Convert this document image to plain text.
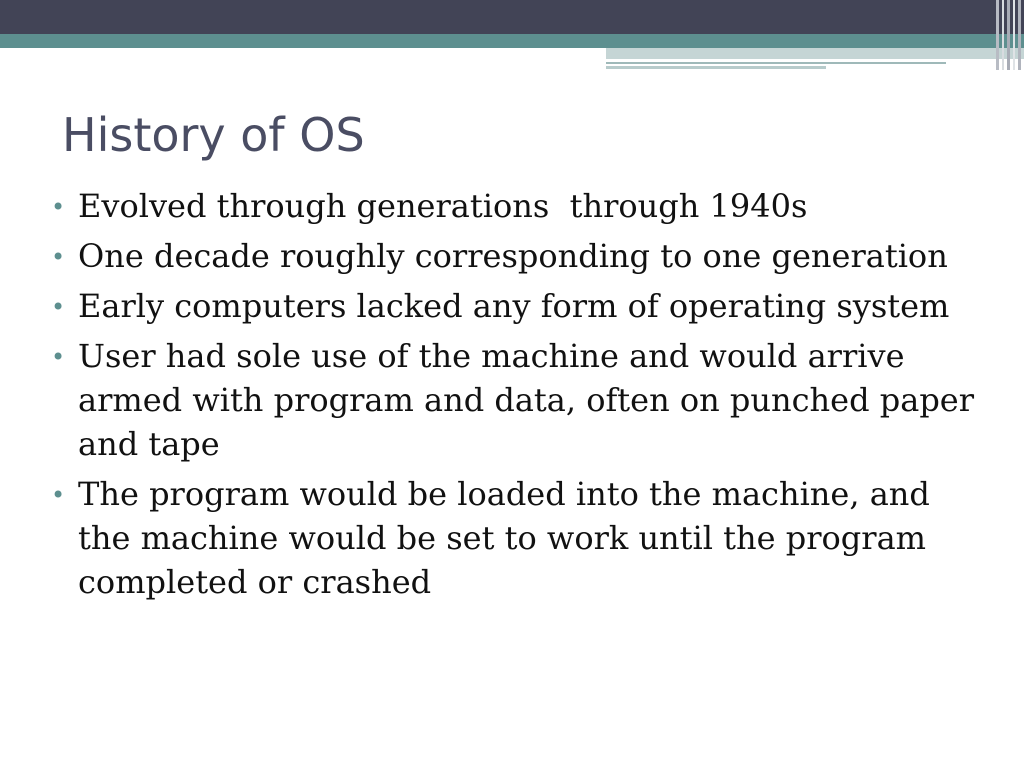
History of OS
• Evolved through generations  through 1940s
• One decade roughly corresponding to one generation
• Early computers lacked any form of operating system
• User had sole use of the machine and would arrive armed with program and data, often on punched paper and tape
• The program would be loaded into the machine, and the machine would be set to work until the program completed or crashed
